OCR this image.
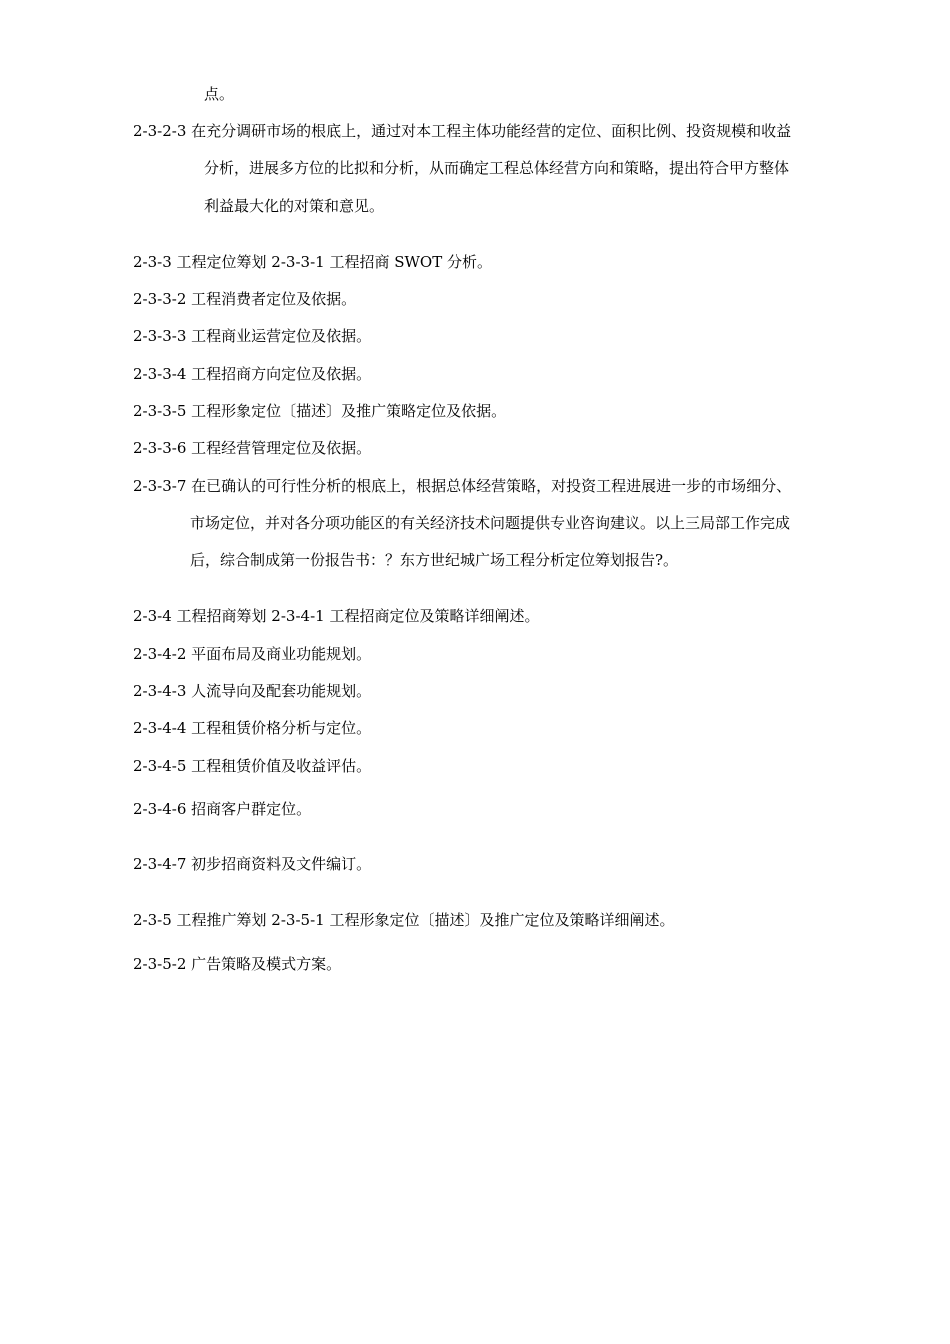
点。
2-3-2-3 在充分调研市场的根底上，通过对本工程主体功能经营的定位、面积比例、投资规模和收益
分析，进展多方位的比拟和分析，从而确定工程总体经营方向和策略，提出符合甲方整体
利益最大化的对策和意见。
2-3-3 工程定位筹划 2-3-3-1 工程招商 SWOT 分析。
2-3-3-2 工程消费者定位及依据。
2-3-3-3 工程商业运营定位及依据。
2-3-3-4 工程招商方向定位及依据。
2-3-3-5 工程形象定位〔描述〕及推广策略定位及依据。
2-3-3-6 工程经营管理定位及依据。
2-3-3-7 在已确认的可行性分析的根底上，根据总体经营策略，对投资工程进展进一步的市场细分、
市场定位，并对各分项功能区的有关经济技术问题提供专业咨询建议。以上三局部工作完成
后，综合制成第一份报告书：？东方世纪城广场工程分析定位筹划报告?。
2-3-4 工程招商筹划 2-3-4-1 工程招商定位及策略详细阐述。
2-3-4-2 平面布局及商业功能规划。
2-3-4-3 人流导向及配套功能规划。
2-3-4-4 工程租赁价格分析与定位。
2-3-4-5 工程租赁价值及收益评估。
2-3-4-6 招商客户群定位。
2-3-4-7 初步招商资料及文件编订。
2-3-5 工程推广筹划 2-3-5-1 工程形象定位〔描述〕及推广定位及策略详细阐述。
2-3-5-2 广告策略及模式方案。
